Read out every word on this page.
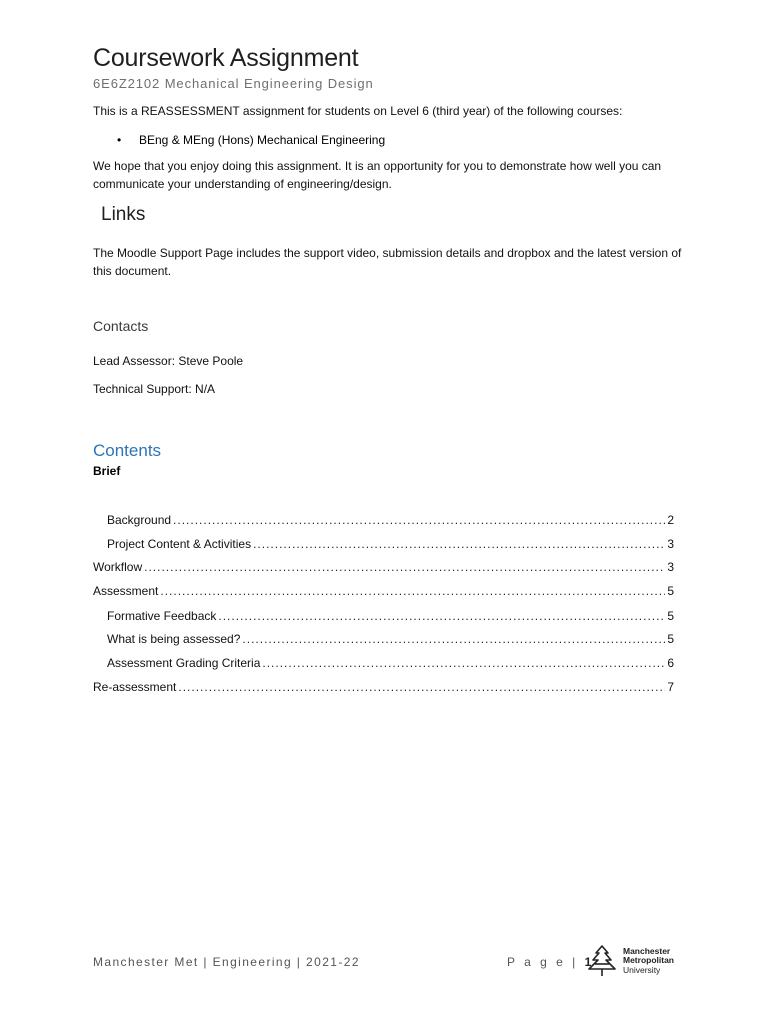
Coursework Assignment
6E6Z2102 Mechanical Engineering Design
This is a REASSESSMENT assignment for students on Level 6 (third year) of the following courses:
• BEng & MEng (Hons) Mechanical Engineering
We hope that you enjoy doing this assignment. It is an opportunity for you to demonstrate how well you can communicate your understanding of engineering/design.
Links
The Moodle Support Page includes the support video, submission details and dropbox and the latest version of this document.
Contacts
Lead Assessor: Steve Poole
Technical Support: N/A
Contents
Brief
Background .....	2
Project Content & Activities .....	3
Workflow .....	3
Assessment .....	5
Formative Feedback .....	5
What is being assessed? .....	5
Assessment Grading Criteria .....	6
Re-assessment .....	7
Manchester Met | Engineering | 2021-22	P a g e | 1
Manchester
Metropolitan
University
